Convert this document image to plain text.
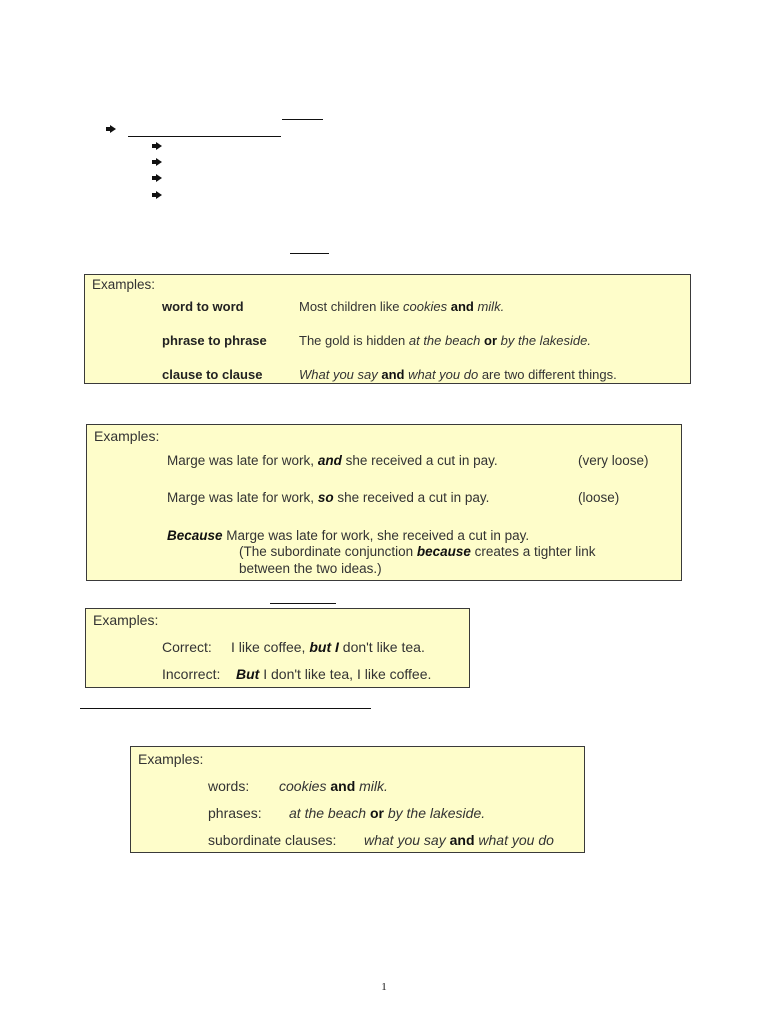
Examples:
word to word	Most children like cookies and milk.
phrase to phrase The gold is hidden at the beach or by the lakeside.
clause to clause	What you say and what you do are two different things.
Examples:
Marge was late for work, and she received a cut in pay.	(very loose)
Marge was late for work, so she received a cut in pay.	(loose)
Because Marge was late for work, she received a cut in pay.
(The subordinate conjunction because creates a tighter link
between the two ideas.)
Examples:
Correct: I like coffee, but I don't like tea.
Incorrect: But I don't like tea, I like coffee.
Examples:
words: cookies and milk.
phrases: at the beach or by the lakeside.
subordinate clauses: what you say and what you do
1
